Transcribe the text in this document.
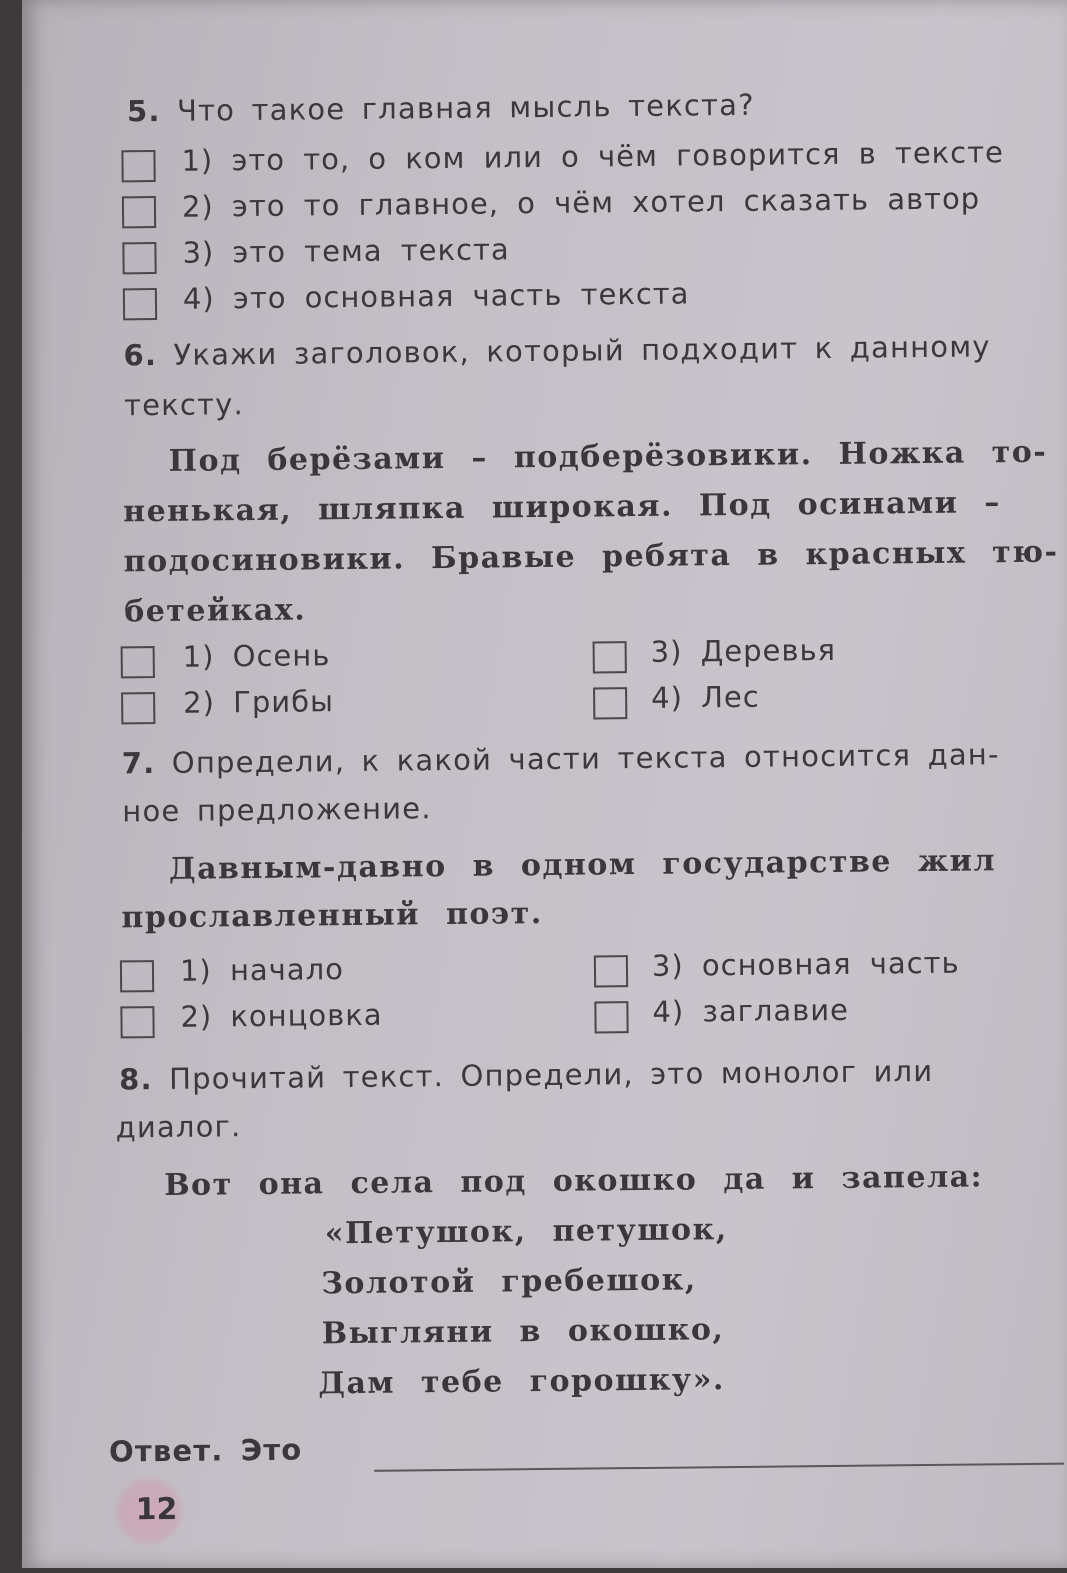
5. Что такое главная мысль текста?
1) это то, о ком или о чём говорится в тексте
2) это то главное, о чём хотел сказать автор
3) это тема текста
4) это основная часть текста
6. Укажи заголовок, который подходит к данному
тексту.
Под берёзами – подберёзовики. Ножка то-
ненькая, шляпка широкая. Под осинами –
подосиновики. Бравые ребята в красных тю-
бетейках.
1) Осень
2) Грибы
3) Деревья
4) Лес
7. Определи, к какой части текста относится дан-
ное предложение.
Давным-давно в одном государстве жил
прославленный поэт.
1) начало
2) концовка
3) основная часть
4) заглавие
8. Прочитай текст. Определи, это монолог или
диалог.
Вот она села под окошко да и запела:
«Петушок, петушок,
Золотой гребешок,
Выгляни в окошко,
Дам тебе горошку».
Ответ. Это
12
